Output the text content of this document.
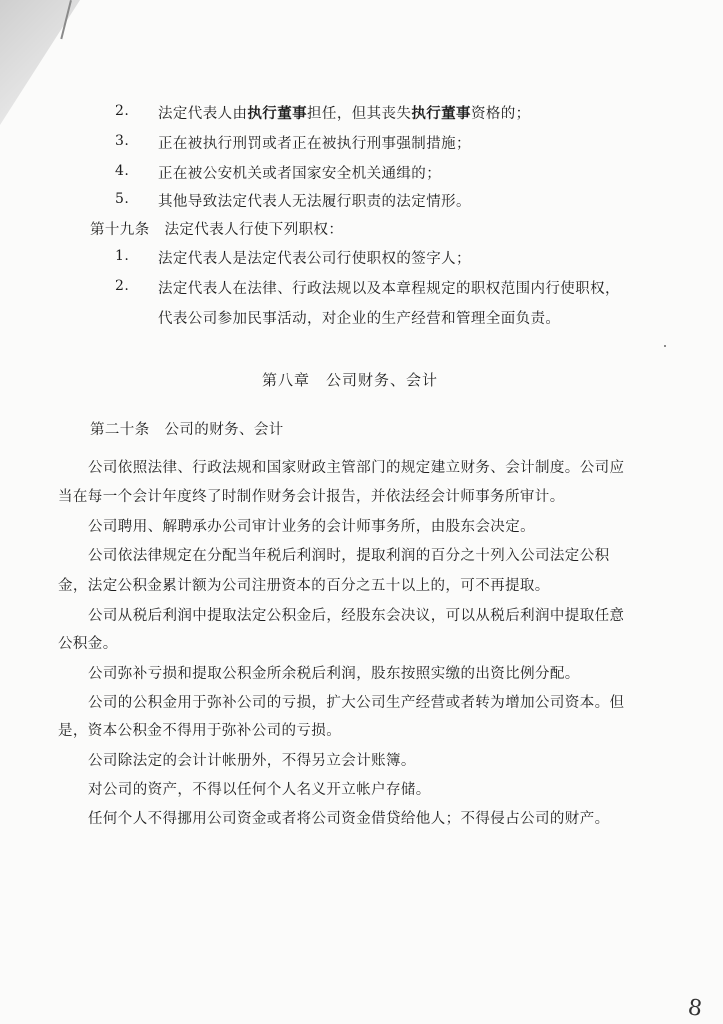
2. 法定代表人由执行董事担任，但其丧失执行董事资格的；
3. 正在被执行刑罚或者正在被执行刑事强制措施；
4. 正在被公安机关或者国家安全机关通缉的；
5. 其他导致法定代表人无法履行职责的法定情形。
第十九条　法定代表人行使下列职权：
1. 法定代表人是法定代表公司行使职权的签字人；
2. 法定代表人在法律、行政法规以及本章程规定的职权范围内行使职权，
代表公司参加民事活动，对企业的生产经营和管理全面负责。
第八章　公司财务、会计
第二十条　公司的财务、会计
公司依照法律、行政法规和国家财政主管部门的规定建立财务、会计制度。公司应
当在每一个会计年度终了时制作财务会计报告，并依法经会计师事务所审计。
公司聘用、解聘承办公司审计业务的会计师事务所，由股东会决定。
公司依法律规定在分配当年税后利润时，提取利润的百分之十列入公司法定公积
金，法定公积金累计额为公司注册资本的百分之五十以上的，可不再提取。
公司从税后利润中提取法定公积金后，经股东会决议，可以从税后利润中提取任意
公积金。
公司弥补亏损和提取公积金所余税后利润，股东按照实缴的出资比例分配。
公司的公积金用于弥补公司的亏损，扩大公司生产经营或者转为增加公司资本。但
是，资本公积金不得用于弥补公司的亏损。
公司除法定的会计计帐册外，不得另立会计账簿。
对公司的资产，不得以任何个人名义开立帐户存储。
任何个人不得挪用公司资金或者将公司资金借贷给他人；不得侵占公司的财产。
8
